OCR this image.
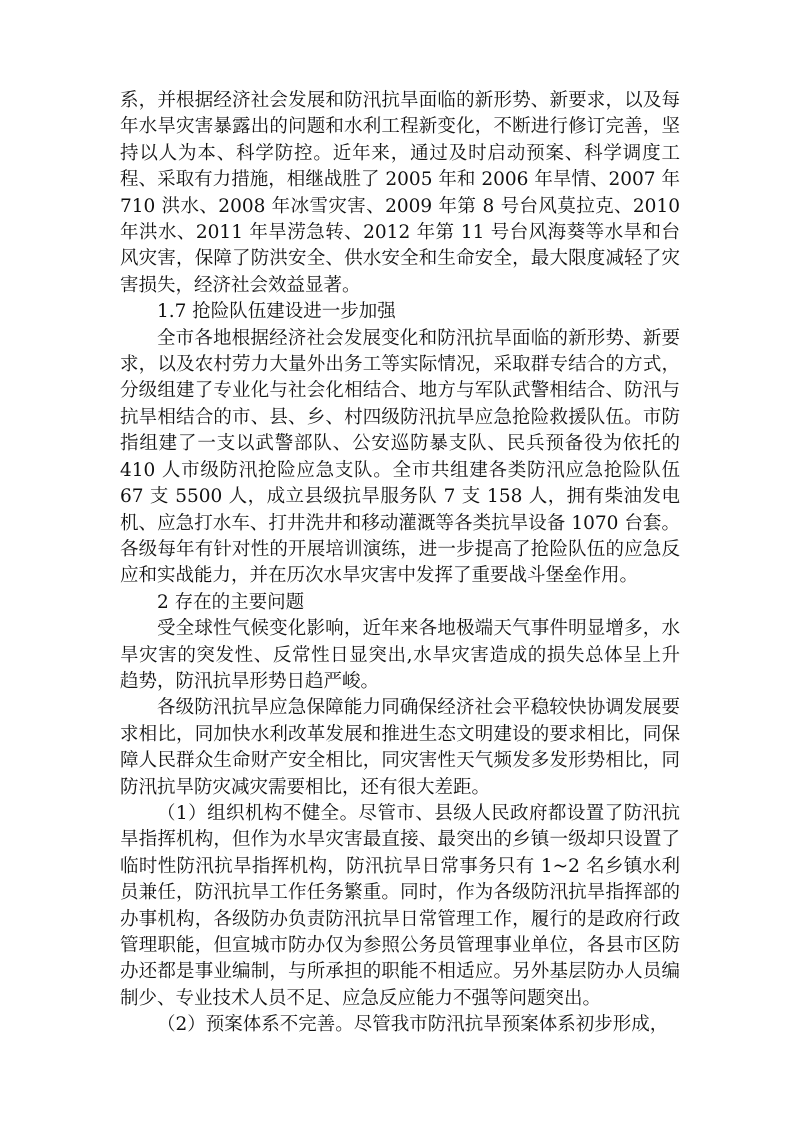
系，并根据经济社会发展和防汛抗旱面临的新形势、新要求，以及每年水旱灾害暴露出的问题和水利工程新变化，不断进行修订完善，坚持以人为本、科学防控。近年来，通过及时启动预案、科学调度工程、采取有力措施，相继战胜了 2005 年和 2006 年旱情、2007 年 710 洪水、2008 年冰雪灾害、2009 年第 8 号台风莫拉克、2010 年洪水、2011 年旱涝急转、2012 年第 11 号台风海葵等水旱和台风灾害，保障了防洪安全、供水安全和生命安全，最大限度减轻了灾害损失，经济社会效益显著。

1.7 抢险队伍建设进一步加强

全市各地根据经济社会发展变化和防汛抗旱面临的新形势、新要求，以及农村劳力大量外出务工等实际情况，采取群专结合的方式，分级组建了专业化与社会化相结合、地方与军队武警相结合、防汛与抗旱相结合的市、县、乡、村四级防汛抗旱应急抢险救援队伍。市防指组建了一支以武警部队、公安巡防暴支队、民兵预备役为依托的 410 人市级防汛抢险应急支队。全市共组建各类防汛应急抢险队伍 67 支 5500 人，成立县级抗旱服务队 7 支 158 人，拥有柴油发电机、应急打水车、打井洗井和移动灌溉等各类抗旱设备 1070 台套。各级每年有针对性的开展培训演练，进一步提高了抢险队伍的应急反应和实战能力，并在历次水旱灾害中发挥了重要战斗堡垒作用。

2 存在的主要问题

受全球性气候变化影响，近年来各地极端天气事件明显增多，水旱灾害的突发性、反常性日显突出,水旱灾害造成的损失总体呈上升趋势，防汛抗旱形势日趋严峻。

各级防汛抗旱应急保障能力同确保经济社会平稳较快协调发展要求相比，同加快水利改革发展和推进生态文明建设的要求相比，同保障人民群众生命财产安全相比，同灾害性天气频发多发形势相比，同防汛抗旱防灾减灾需要相比，还有很大差距。

（1）组织机构不健全。尽管市、县级人民政府都设置了防汛抗旱指挥机构，但作为水旱灾害最直接、最突出的乡镇一级却只设置了临时性防汛抗旱指挥机构，防汛抗旱日常事务只有 1~2 名乡镇水利员兼任，防汛抗旱工作任务繁重。同时，作为各级防汛抗旱指挥部的办事机构，各级防办负责防汛抗旱日常管理工作，履行的是政府行政管理职能，但宣城市防办仅为参照公务员管理事业单位，各县市区防办还都是事业编制，与所承担的职能不相适应。另外基层防办人员编制少、专业技术人员不足、应急反应能力不强等问题突出。

（2）预案体系不完善。尽管我市防汛抗旱预案体系初步形成，
